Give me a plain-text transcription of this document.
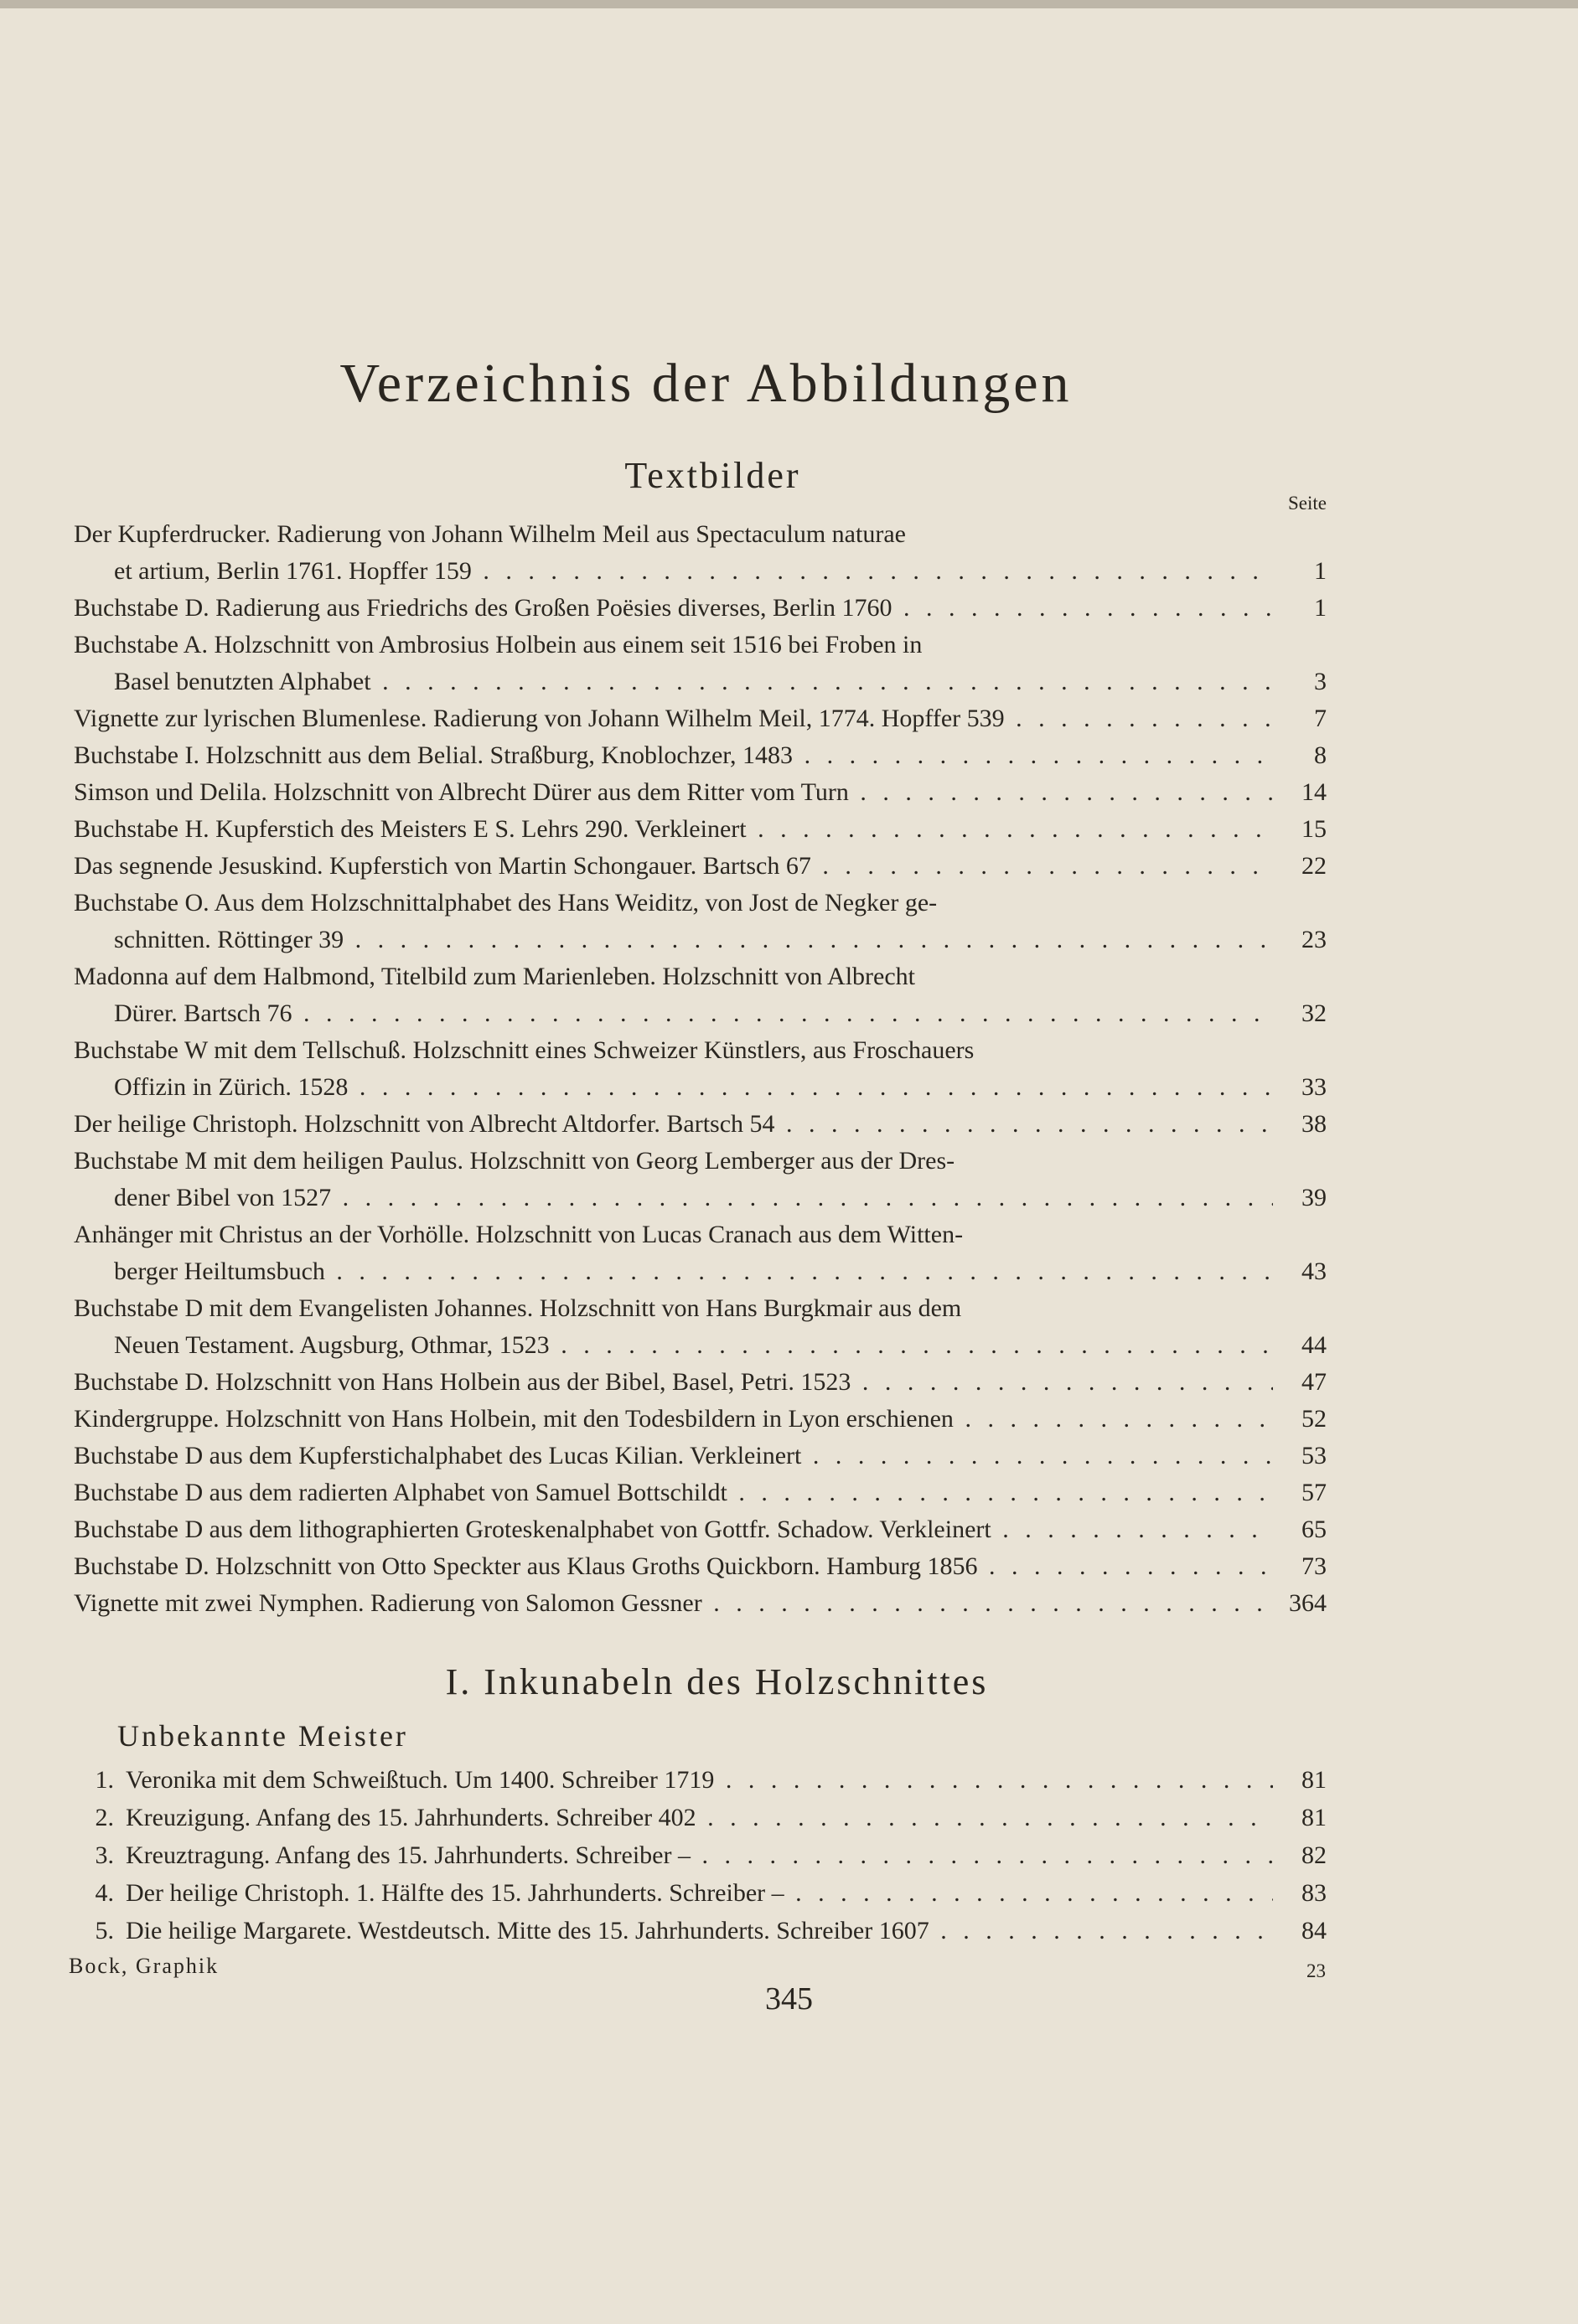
Verzeichnis der Abbildungen
Textbilder
Seite
Der Kupferdrucker. Radierung von Johann Wilhelm Meil aus Spectaculum naturae
et artium, Berlin 1761. Hopffer 159 . . .	1
Buchstabe D. Radierung aus Friedrichs des Großen Poësies diverses, Berlin 1760 . . .	1
Buchstabe A. Holzschnitt von Ambrosius Holbein aus einem seit 1516 bei Froben in
Basel benutzten Alphabet . . .	3
Vignette zur lyrischen Blumenlese. Radierung von Johann Wilhelm Meil, 1774. Hopffer 539 . . .	7
Buchstabe I. Holzschnitt aus dem Belial. Straßburg, Knoblochzer, 1483 . . .	8
Simson und Delila. Holzschnitt von Albrecht Dürer aus dem Ritter vom Turn . . .	14
Buchstabe H. Kupferstich des Meisters E S. Lehrs 290. Verkleinert . . .	15
Das segnende Jesuskind. Kupferstich von Martin Schongauer. Bartsch 67 . . .	22
Buchstabe O. Aus dem Holzschnittalphabet des Hans Weiditz, von Jost de Negker ge-
schnitten. Röttinger 39 . . .	23
Madonna auf dem Halbmond, Titelbild zum Marienleben. Holzschnitt von Albrecht
Dürer. Bartsch 76 . . .	32
Buchstabe W mit dem Tellschuß. Holzschnitt eines Schweizer Künstlers, aus Froschauers
Offizin in Zürich. 1528 . . .	33
Der heilige Christoph. Holzschnitt von Albrecht Altdorfer. Bartsch 54 . . .	38
Buchstabe M mit dem heiligen Paulus. Holzschnitt von Georg Lemberger aus der Dres-
dener Bibel von 1527 . . .	39
Anhänger mit Christus an der Vorhölle. Holzschnitt von Lucas Cranach aus dem Witten-
berger Heiltumsbuch . . .	43
Buchstabe D mit dem Evangelisten Johannes. Holzschnitt von Hans Burgkmair aus dem
Neuen Testament. Augsburg, Othmar, 1523 . . .	44
Buchstabe D. Holzschnitt von Hans Holbein aus der Bibel, Basel, Petri. 1523 . . .	47
Kindergruppe. Holzschnitt von Hans Holbein, mit den Todesbildern in Lyon erschienen . . .	52
Buchstabe D aus dem Kupferstichalphabet des Lucas Kilian. Verkleinert . . .	53
Buchstabe D aus dem radierten Alphabet von Samuel Bottschildt . . .	57
Buchstabe D aus dem lithographierten Groteskenalphabet von Gottfr. Schadow. Verkleinert . . .	65
Buchstabe D. Holzschnitt von Otto Speckter aus Klaus Groths Quickborn. Hamburg 1856 . . .	73
Vignette mit zwei Nymphen. Radierung von Salomon Gessner . . .	364
I. Inkunabeln des Holzschnittes
Unbekannte Meister
1. Veronika mit dem Schweißtuch. Um 1400. Schreiber 1719 . . .	81
2. Kreuzigung. Anfang des 15. Jahrhunderts. Schreiber 402 . . .	81
3. Kreuztragung. Anfang des 15. Jahrhunderts. Schreiber – . . .	82
4. Der heilige Christoph. 1. Hälfte des 15. Jahrhunderts. Schreiber – . . .	83
5. Die heilige Margarete. Westdeutsch. Mitte des 15. Jahrhunderts. Schreiber 1607 . . .	84
Bock, Graphik	23
345
